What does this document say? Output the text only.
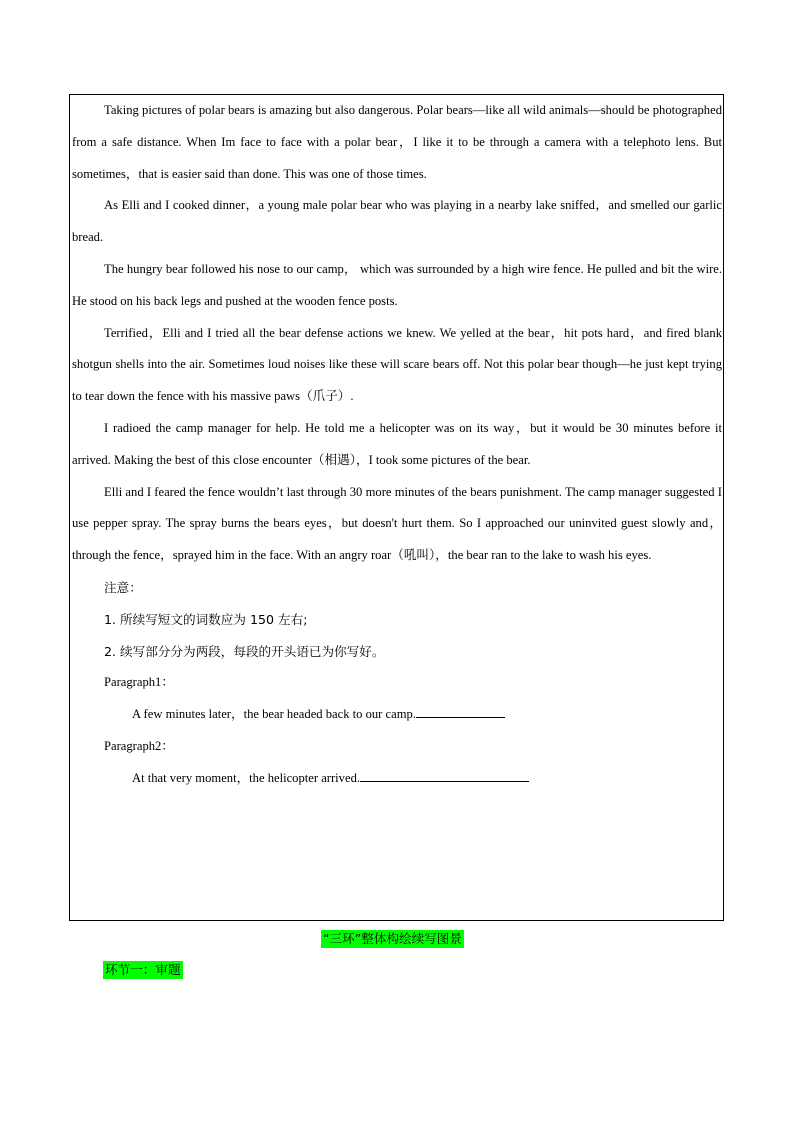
Taking pictures of polar bears is amazing but also dangerous. Polar bears—like all wild animals—should be photographed from a safe distance. When Im face to face with a polar bear，I like it to be through a camera with a telephoto lens. But sometimes，that is easier said than done. This was one of those times.

As Elli and I cooked dinner，a young male polar bear who was playing in a nearby lake sniffed，and smelled our garlic bread.

The hungry bear followed his nose to our camp， which was surrounded by a high wire fence. He pulled and bit the wire. He stood on his back legs and pushed at the wooden fence posts.

Terrified，Elli and I tried all the bear defense actions we knew. We yelled at the bear，hit pots hard，and fired blank shotgun shells into the air. Sometimes loud noises like these will scare bears off. Not this polar bear though—he just kept trying to tear down the fence with his massive paws（爪子）.

I radioed the camp manager for help. He told me a helicopter was on its way，but it would be 30 minutes before it arrived. Making the best of this close encounter（相遇），I took some pictures of the bear.

Elli and I feared the fence wouldn’t last through 30 more minutes of the bears punishment. The camp manager suggested I use pepper spray. The spray burns the bears eyes，but doesn't hurt them. So I approached our uninvited guest slowly and，through the fence，sprayed him in the face. With an angry roar（吼叫），the bear ran to the lake to wash his eyes.

注意：

1. 所续写短文的词数应为 150 左右;

2. 续写部分分为两段，每段的开头语已为你写好。

Paragraph1：

A few minutes later，the bear headed back to our camp.

Paragraph2：

At that very moment，the helicopter arrived.

“三环”整体构绘续写图景
环节一：审题
